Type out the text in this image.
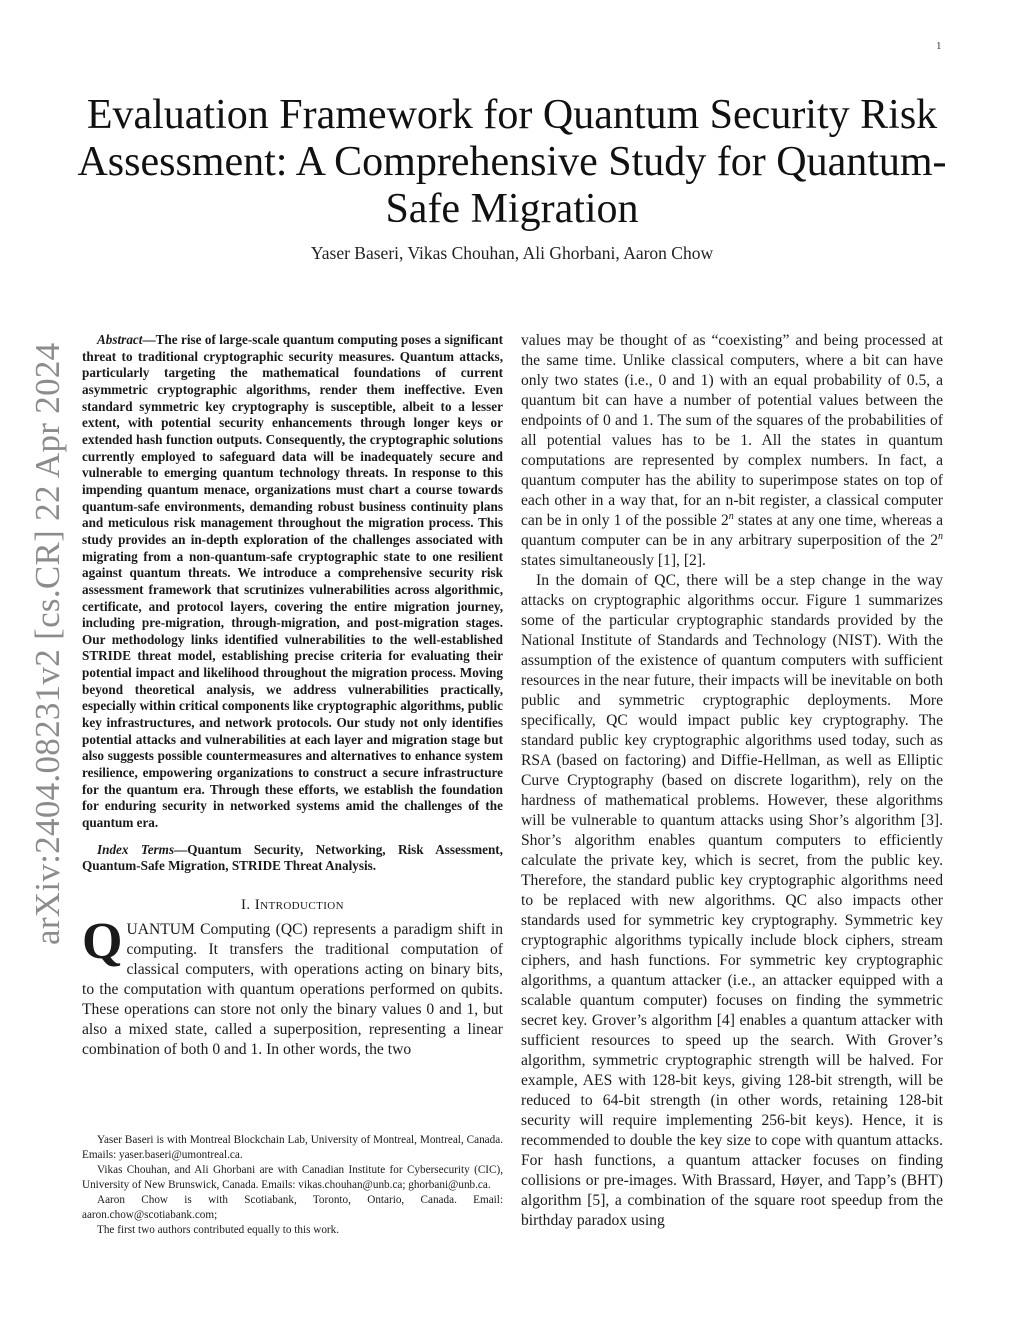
1
arXiv:2404.08231v2 [cs.CR] 22 Apr 2024
Evaluation Framework for Quantum Security Risk Assessment: A Comprehensive Study for Quantum-Safe Migration
Yaser Baseri, Vikas Chouhan, Ali Ghorbani, Aaron Chow

Abstract—The rise of large-scale quantum computing poses a significant threat to traditional cryptographic security measures. Quantum attacks, particularly targeting the mathematical foundations of current asymmetric cryptographic algorithms, render them ineffective. Even standard symmetric key cryptography is susceptible, albeit to a lesser extent, with potential security enhancements through longer keys or extended hash function outputs. Consequently, the cryptographic solutions currently employed to safeguard data will be inadequately secure and vulnerable to emerging quantum technology threats. In response to this impending quantum menace, organizations must chart a course towards quantum-safe environments, demanding robust business continuity plans and meticulous risk management throughout the migration process. This study provides an in-depth exploration of the challenges associated with migrating from a non-quantum-safe cryptographic state to one resilient against quantum threats. We introduce a comprehensive security risk assessment framework that scrutinizes vulnerabilities across algorithmic, certificate, and protocol layers, covering the entire migration journey, including pre-migration, through-migration, and post-migration stages. Our methodology links identified vulnerabilities to the well-established STRIDE threat model, establishing precise criteria for evaluating their potential impact and likelihood throughout the migration process. Moving beyond theoretical analysis, we address vulnerabilities practically, especially within critical components like cryptographic algorithms, public key infrastructures, and network protocols. Our study not only identifies potential attacks and vulnerabilities at each layer and migration stage but also suggests possible countermeasures and alternatives to enhance system resilience, empowering organizations to construct a secure infrastructure for the quantum era. Through these efforts, we establish the foundation for enduring security in networked systems amid the challenges of the quantum era.

Index Terms—Quantum Security, Networking, Risk Assessment, Quantum-Safe Migration, STRIDE Threat Analysis.

I. Introduction

QUANTUM Computing (QC) represents a paradigm shift in computing. It transfers the traditional computation of classical computers, with operations acting on binary bits, to the computation with quantum operations performed on qubits. These operations can store not only the binary values 0 and 1, but also a mixed state, called a superposition, representing a linear combination of both 0 and 1. In other words, the two

Yaser Baseri is with Montreal Blockchain Lab, University of Montreal, Montreal, Canada. Emails: yaser.baseri@umontreal.ca.

Vikas Chouhan, and Ali Ghorbani are with Canadian Institute for Cybersecurity (CIC), University of New Brunswick, Canada. Emails: vikas.chouhan@unb.ca; ghorbani@unb.ca.

Aaron Chow is with Scotiabank, Toronto, Ontario, Canada. Email: aaron.chow@scotiabank.com;

The first two authors contributed equally to this work.

values may be thought of as “coexisting” and being processed at the same time. Unlike classical computers, where a bit can have only two states (i.e., 0 and 1) with an equal probability of 0.5, a quantum bit can have a number of potential values between the endpoints of 0 and 1. The sum of the squares of the probabilities of all potential values has to be 1. All the states in quantum computations are represented by complex numbers. In fact, a quantum computer has the ability to superimpose states on top of each other in a way that, for an n-bit register, a classical computer can be in only 1 of the possible 2$^n$ states at any one time, whereas a quantum computer can be in any arbitrary superposition of the 2$^n$ states simultaneously [1], [2].

In the domain of QC, there will be a step change in the way attacks on cryptographic algorithms occur. Figure 1 summarizes some of the particular cryptographic standards provided by the National Institute of Standards and Technology (NIST). With the assumption of the existence of quantum computers with sufficient resources in the near future, their impacts will be inevitable on both public and symmetric cryptographic deployments. More specifically, QC would impact public key cryptography. The standard public key cryptographic algorithms used today, such as RSA (based on factoring) and Diffie-Hellman, as well as Elliptic Curve Cryptography (based on discrete logarithm), rely on the hardness of mathematical problems. However, these algorithms will be vulnerable to quantum attacks using Shor’s algorithm [3]. Shor’s algorithm enables quantum computers to efficiently calculate the private key, which is secret, from the public key. Therefore, the standard public key cryptographic algorithms need to be replaced with new algorithms. QC also impacts other standards used for symmetric key cryptography. Symmetric key cryptographic algorithms typically include block ciphers, stream ciphers, and hash functions. For symmetric key cryptographic algorithms, a quantum attacker (i.e., an attacker equipped with a scalable quantum computer) focuses on finding the symmetric secret key. Grover’s algorithm [4] enables a quantum attacker with sufficient resources to speed up the search. With Grover’s algorithm, symmetric cryptographic strength will be halved. For example, AES with 128-bit keys, giving 128-bit strength, will be reduced to 64-bit strength (in other words, retaining 128-bit security will require implementing 256-bit keys). Hence, it is recommended to double the key size to cope with quantum attacks. For hash functions, a quantum attacker focuses on finding collisions or pre-images. With Brassard, Høyer, and Tapp’s (BHT) algorithm [5], a combination of the square root speedup from the birthday paradox using
